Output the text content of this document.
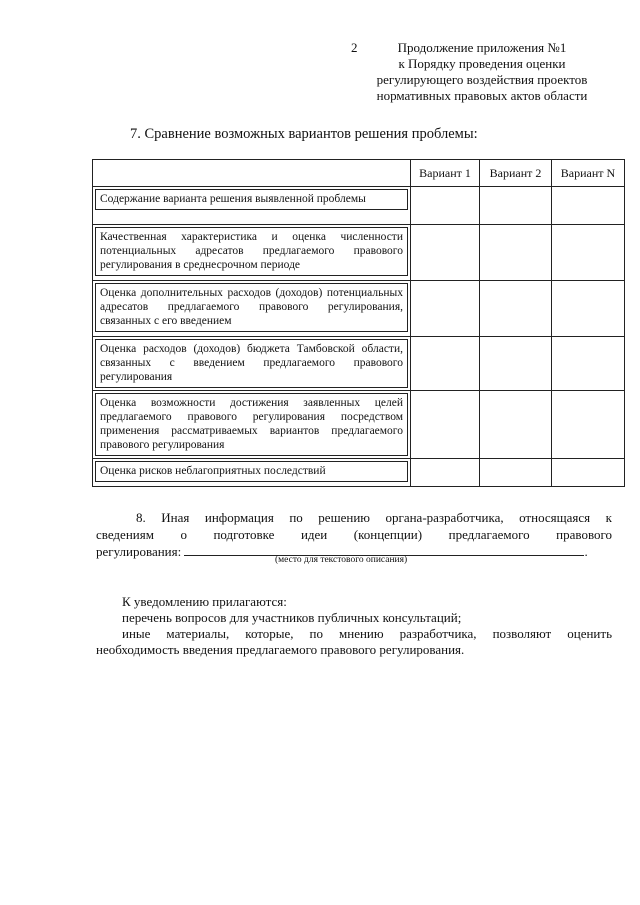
2	Продолжение приложения №1
к Порядку проведения оценки
регулирующего воздействия проектов
нормативных правовых актов области
7. Сравнение возможных вариантов решения проблемы:
	Вариант 1	Вариант 2	Вариант N

Содержание варианта решения выявленной проблемы			

Качественная характеристика и оценка численности потенциальных адресатов предлагаемого правового регулирования в среднесрочном периоде			

Оценка дополнительных расходов (доходов) потенциальных адресатов предлагаемого правового регулирования, связанных с его введением			

Оценка расходов (доходов) бюджета Тамбовской области, связанных с введением предлагаемого правового регулирования			

Оценка возможности достижения заявленных целей предлагаемого правового регулирования посредством применения рассматриваемых вариантов предлагаемого правового регулирования			

Оценка рисков неблагоприятных последствий			

8. Иная информация по решению органа-разработчика, относящаяся к
сведениям о подготовке идеи (концепции) предлагаемого правового
регулирования:	.
(место для текстового описания)
К уведомлению прилагаются:
перечень вопросов для участников публичных консультаций;
иные материалы, которые, по мнению разработчика, позволяют оценить
необходимость введения предлагаемого правового регулирования.
